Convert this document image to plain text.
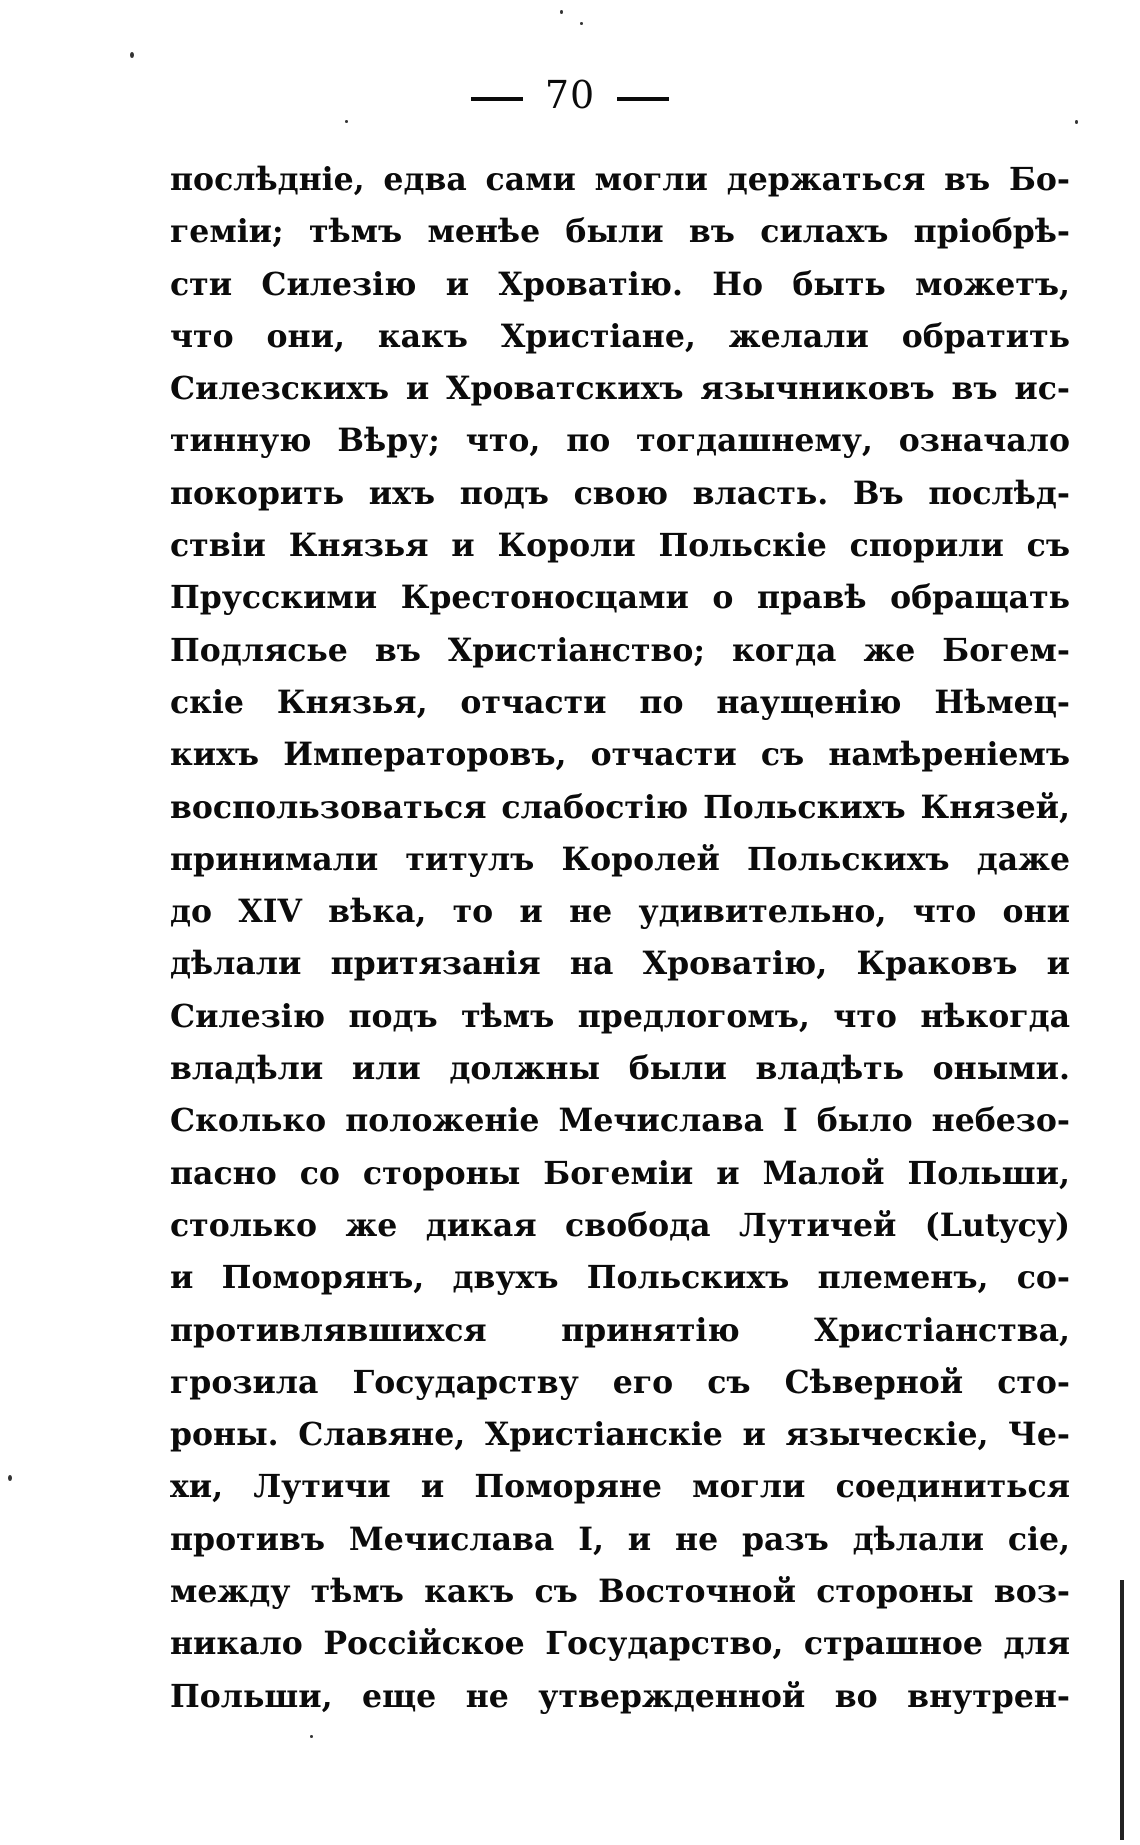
70
послѣдніе, едва сами могли держаться въ Бо-
геміи; тѣмъ менѣе были въ силахъ пріобрѣ-
сти Силезію и Хроватію. Но быть можетъ,
что они, какъ Христіане, желали обратить
Силезскихъ и Хроватскихъ язычниковъ въ ис-
тинную Вѣру; что, по тогдашнему, означало
покорить ихъ подъ свою власть. Въ послѣд-
ствіи Князья и Короли Польскіе спорили съ
Прусскими Крестоносцами о правѣ обращать
Подлясье въ Христіанство; когда же Богем-
скіе Князья, отчасти по наущенію Нѣмец-
кихъ Императоровъ, отчасти съ намѣреніемъ
воспользоваться слабостію Польскихъ Князей,
принимали титулъ Королей Польскихъ даже
до XIV вѣка, то и не удивительно, что они
дѣлали притязанія на Хроватію, Краковъ и
Силезію подъ тѣмъ предлогомъ, что нѣкогда
владѣли или должны были владѣть оными.
Сколько положеніе Мечислава I было небезо-
пасно со стороны Богеміи и Малой Польши,
столько же дикая свобода Лутичей (Lutycy)
и Поморянъ, двухъ Польскихъ племенъ, со-
противлявшихся принятію Христіанства,
грозила Государству его съ Сѣверной сто-
роны. Славяне, Христіанскіе и языческіе, Че-
хи, Лутичи и Поморяне могли соединиться
противъ Мечислава I, и не разъ дѣлали сіе,
между тѣмъ какъ съ Восточной стороны воз-
никало Россійское Государство, страшное для
Польши, еще не утвержденной во внутрен-
